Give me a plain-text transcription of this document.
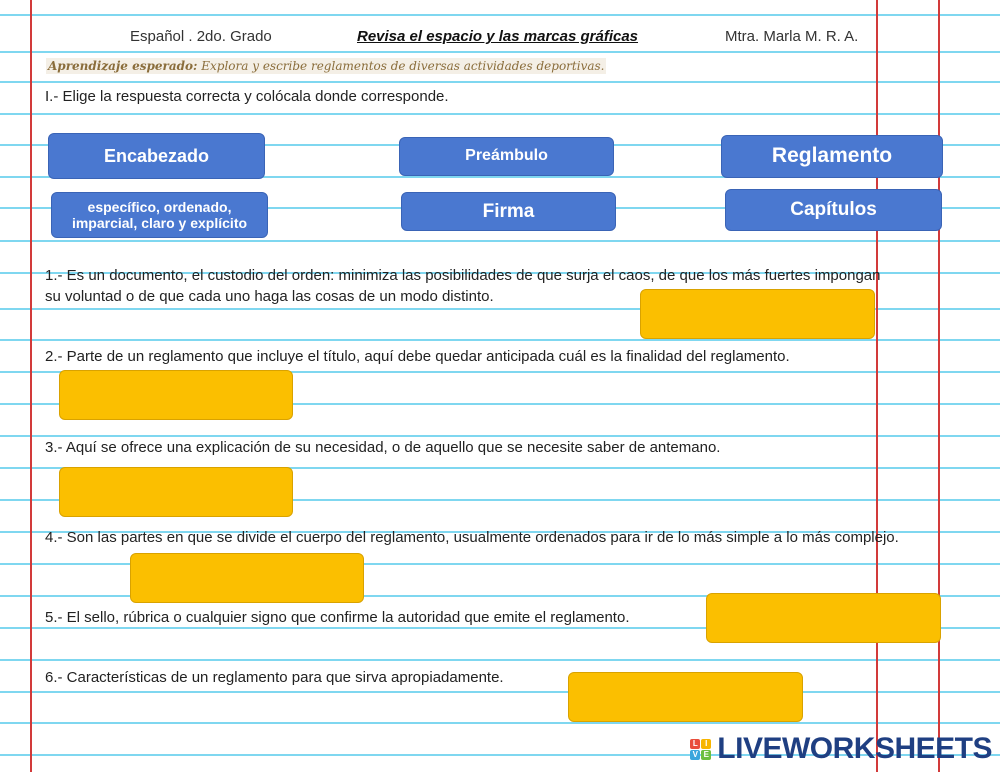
Español . 2do. Grado	Revisa el espacio y las marcas gráficas	Mtra. Marla M. R. A.
Aprendizaje esperado: Explora y escribe reglamentos de diversas actividades deportivas.
I.- Elige la respuesta correcta y colócala donde corresponde.
Encabezado	Preámbulo	Reglamento
específico, ordenado, imparcial, claro y explícito
Firma	Capítulos
1.- Es un documento, el custodio del orden: minimiza las posibilidades de que surja el caos, de que los más fuertes impongan su voluntad o de que cada uno haga las cosas de un modo distinto.
2.- Parte de un reglamento que incluye el título, aquí debe quedar anticipada cuál es la finalidad del reglamento.
3.- Aquí se ofrece una explicación de su necesidad, o de aquello que se necesite saber de antemano.
4.- Son las partes en que se divide el cuerpo del reglamento, usualmente ordenados para ir de lo más simple a lo más complejo.
5.- El sello, rúbrica o cualquier signo que confirme la autoridad que emite el reglamento.
6.- Características de un reglamento para que sirva apropiadamente.
L I
V E LIVEWORKSHEETS
